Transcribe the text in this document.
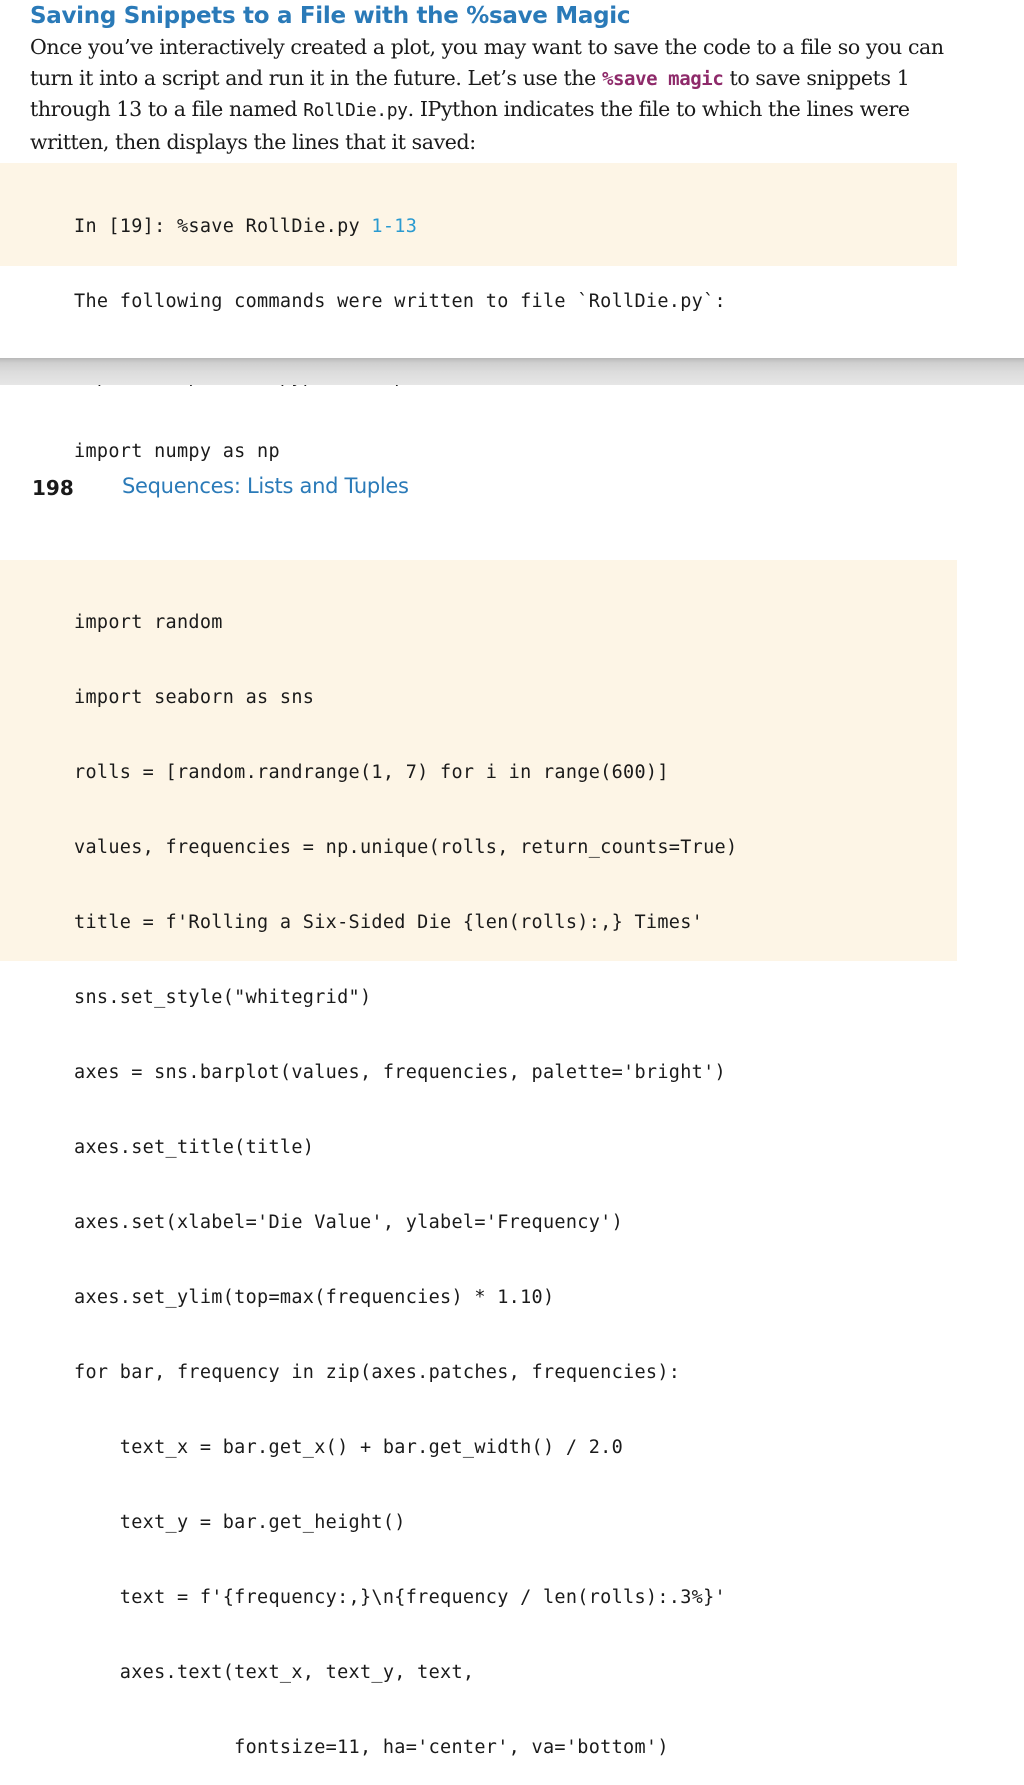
Saving Snippets to a File with the %save Magic

Once you’ve interactively created a plot, you may want to save the code to a file so you can turn it into a script and run it in the future. Let’s use the %save magic to save snippets 1 through 13 to a file named RollDie.py. IPython indicates the file to which the lines were written, then displays the lines that it saved:

In [19]: %save RollDie.py 1-13

The following commands were written to file `RollDie.py`:

import numpy as np

198 Sequences: Lists and Tuples

import random

import seaborn as sns

rolls = [random.randrange(1, 7) for i in range(600)]

values, frequencies = np.unique(rolls, return_counts=True)

title = f'Rolling a Six-Sided Die {len(rolls):,} Times'

sns.set_style("whitegrid")

axes = sns.barplot(values, frequencies, palette='bright')

axes.set_title(title)

axes.set(xlabel='Die Value', ylabel='Frequency')

axes.set_ylim(top=max(frequencies) * 1.10)

for bar, frequency in zip(axes.patches, frequencies):

text_x = bar.get_x() + bar.get_width() / 2.0

text_y = bar.get_height()

text = f'{frequency:,}\n{frequency / len(rolls):.3%}'

axes.text(text_x, text_y, text,

fontsize=11, ha='center', va='bottom')
